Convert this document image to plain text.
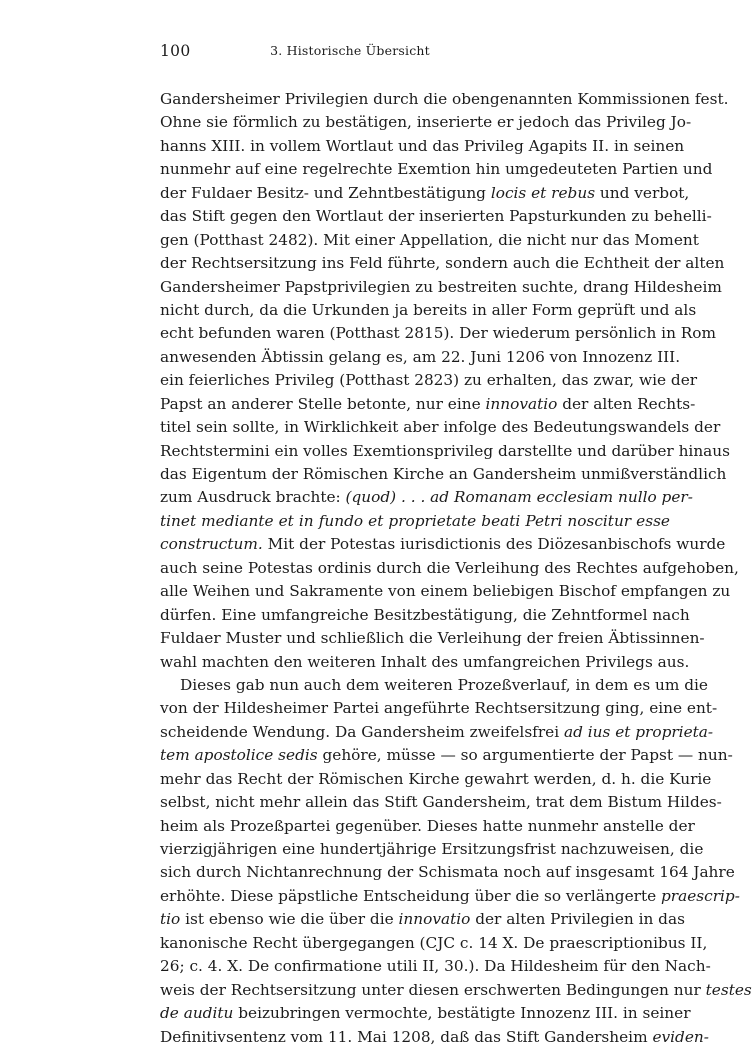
100	3. Historische Übersicht
Gandersheimer Privilegien durch die obengenannten Kommissionen fest.
Ohne sie förmlich zu bestätigen, inserierte er jedoch das Privileg Jo-
hanns XIII. in vollem Wortlaut und das Privileg Agapits II. in seinen
nunmehr auf eine regelrechte Exemtion hin umgedeuteten Partien und
der Fuldaer Besitz- und Zehntbestätigung locis et rebus und verbot,
das Stift gegen den Wortlaut der inserierten Papsturkunden zu behelli-
gen (Potthast 2482). Mit einer Appellation, die nicht nur das Moment
der Rechtsersitzung ins Feld führte, sondern auch die Echtheit der alten
Gandersheimer Papstprivilegien zu bestreiten suchte, drang Hildesheim
nicht durch, da die Urkunden ja bereits in aller Form geprüft und als
echt befunden waren (Potthast 2815). Der wiederum persönlich in Rom
anwesenden Äbtissin gelang es, am 22. Juni 1206 von Innozenz III.
ein feierliches Privileg (Potthast 2823) zu erhalten, das zwar, wie der
Papst an anderer Stelle betonte, nur eine innovatio der alten Rechts-
titel sein sollte, in Wirklichkeit aber infolge des Bedeutungswandels der
Rechtstermini ein volles Exemtionsprivileg darstellte und darüber hinaus
das Eigentum der Römischen Kirche an Gandersheim unmißverständlich
zum Ausdruck brachte: (quod) . . . ad Romanam ecclesiam nullo per-
tinet mediante et in fundo et proprietate beati Petri noscitur esse
constructum. Mit der Potestas iurisdictionis des Diözesanbischofs wurde
auch seine Potestas ordinis durch die Verleihung des Rechtes aufgehoben,
alle Weihen und Sakramente von einem beliebigen Bischof empfangen zu
dürfen. Eine umfangreiche Besitzbestätigung, die Zehntformel nach
Fuldaer Muster und schließlich die Verleihung der freien Äbtissinnen-
wahl machten den weiteren Inhalt des umfangreichen Privilegs aus.
Dieses gab nun auch dem weiteren Prozeßverlauf, in dem es um die
von der Hildesheimer Partei angeführte Rechtsersitzung ging, eine ent-
scheidende Wendung. Da Gandersheim zweifelsfrei ad ius et proprieta-
tem apostolice sedis gehöre, müsse — so argumentierte der Papst — nun-
mehr das Recht der Römischen Kirche gewahrt werden, d. h. die Kurie
selbst, nicht mehr allein das Stift Gandersheim, trat dem Bistum Hildes-
heim als Prozeßpartei gegenüber. Dieses hatte nunmehr anstelle der
vierzigjährigen eine hundertjährige Ersitzungsfrist nachzuweisen, die
sich durch Nichtanrechnung der Schismata noch auf insgesamt 164 Jahre
erhöhte. Diese päpstliche Entscheidung über die so verlängerte praescrip-
tio ist ebenso wie die über die innovatio der alten Privilegien in das
kanonische Recht übergegangen (CJC c. 14 X. De praescriptionibus II,
26; c. 4. X. De confirmatione utili II, 30.). Da Hildesheim für den Nach-
weis der Rechtsersitzung unter diesen erschwerten Bedingungen nur testes
de auditu beizubringen vermochte, bestätigte Innozenz III. in seiner
Definitivsentenz vom 11. Mai 1208, daß das Stift Gandersheim eviden-
